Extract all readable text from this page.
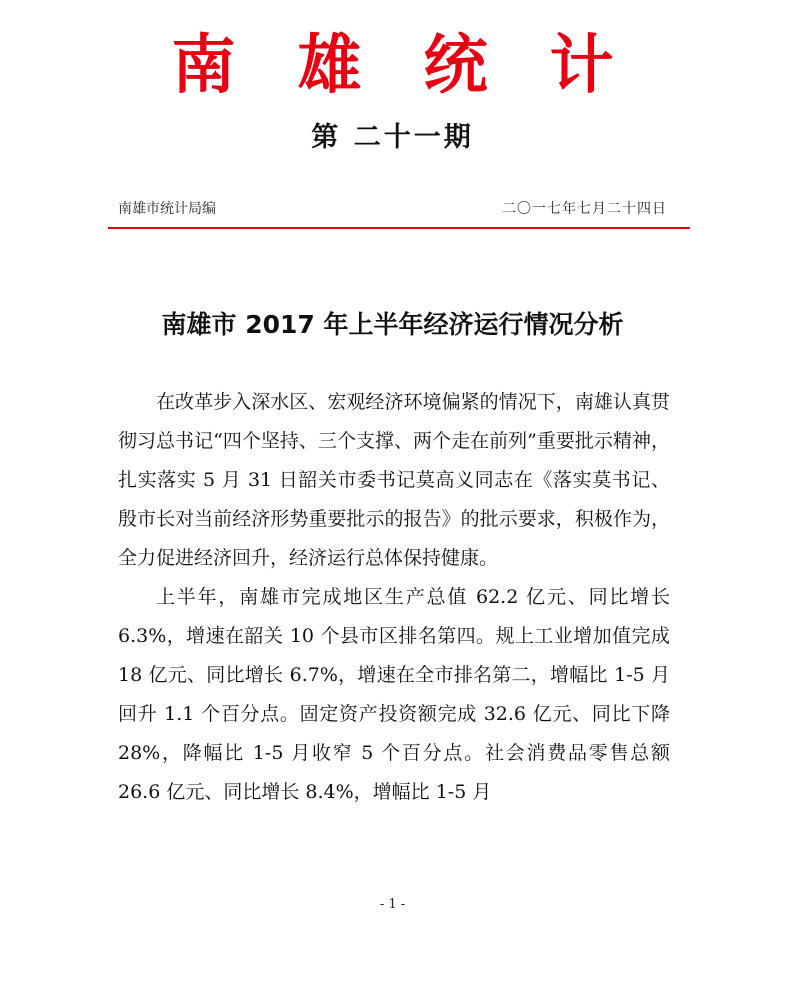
南 雄 统 计
第 二十一期
南雄市统计局编	二〇一七年七月二十四日
南雄市 2017 年上半年经济运行情况分析

在改革步入深水区、宏观经济环境偏紧的情况下，南雄认真贯彻习总书记“四个坚持、三个支撑、两个走在前列”重要批示精神，扎实落实 5 月 31 日韶关市委书记莫高义同志在《落实莫书记、殷市长对当前经济形势重要批示的报告》的批示要求，积极作为，全力促进经济回升，经济运行总体保持健康。

上半年，南雄市完成地区生产总值 62.2 亿元、同比增长 6.3%，增速在韶关 10 个县市区排名第四。规上工业增加值完成 18 亿元、同比增长 6.7%，增速在全市排名第二，增幅比 1-5 月回升 1.1 个百分点。固定资产投资额完成 32.6 亿元、同比下降 28%，降幅比 1-5 月收窄 5 个百分点。社会消费品零售总额 26.6 亿元、同比增长 8.4%，增幅比 1-5 月

- 1 -
